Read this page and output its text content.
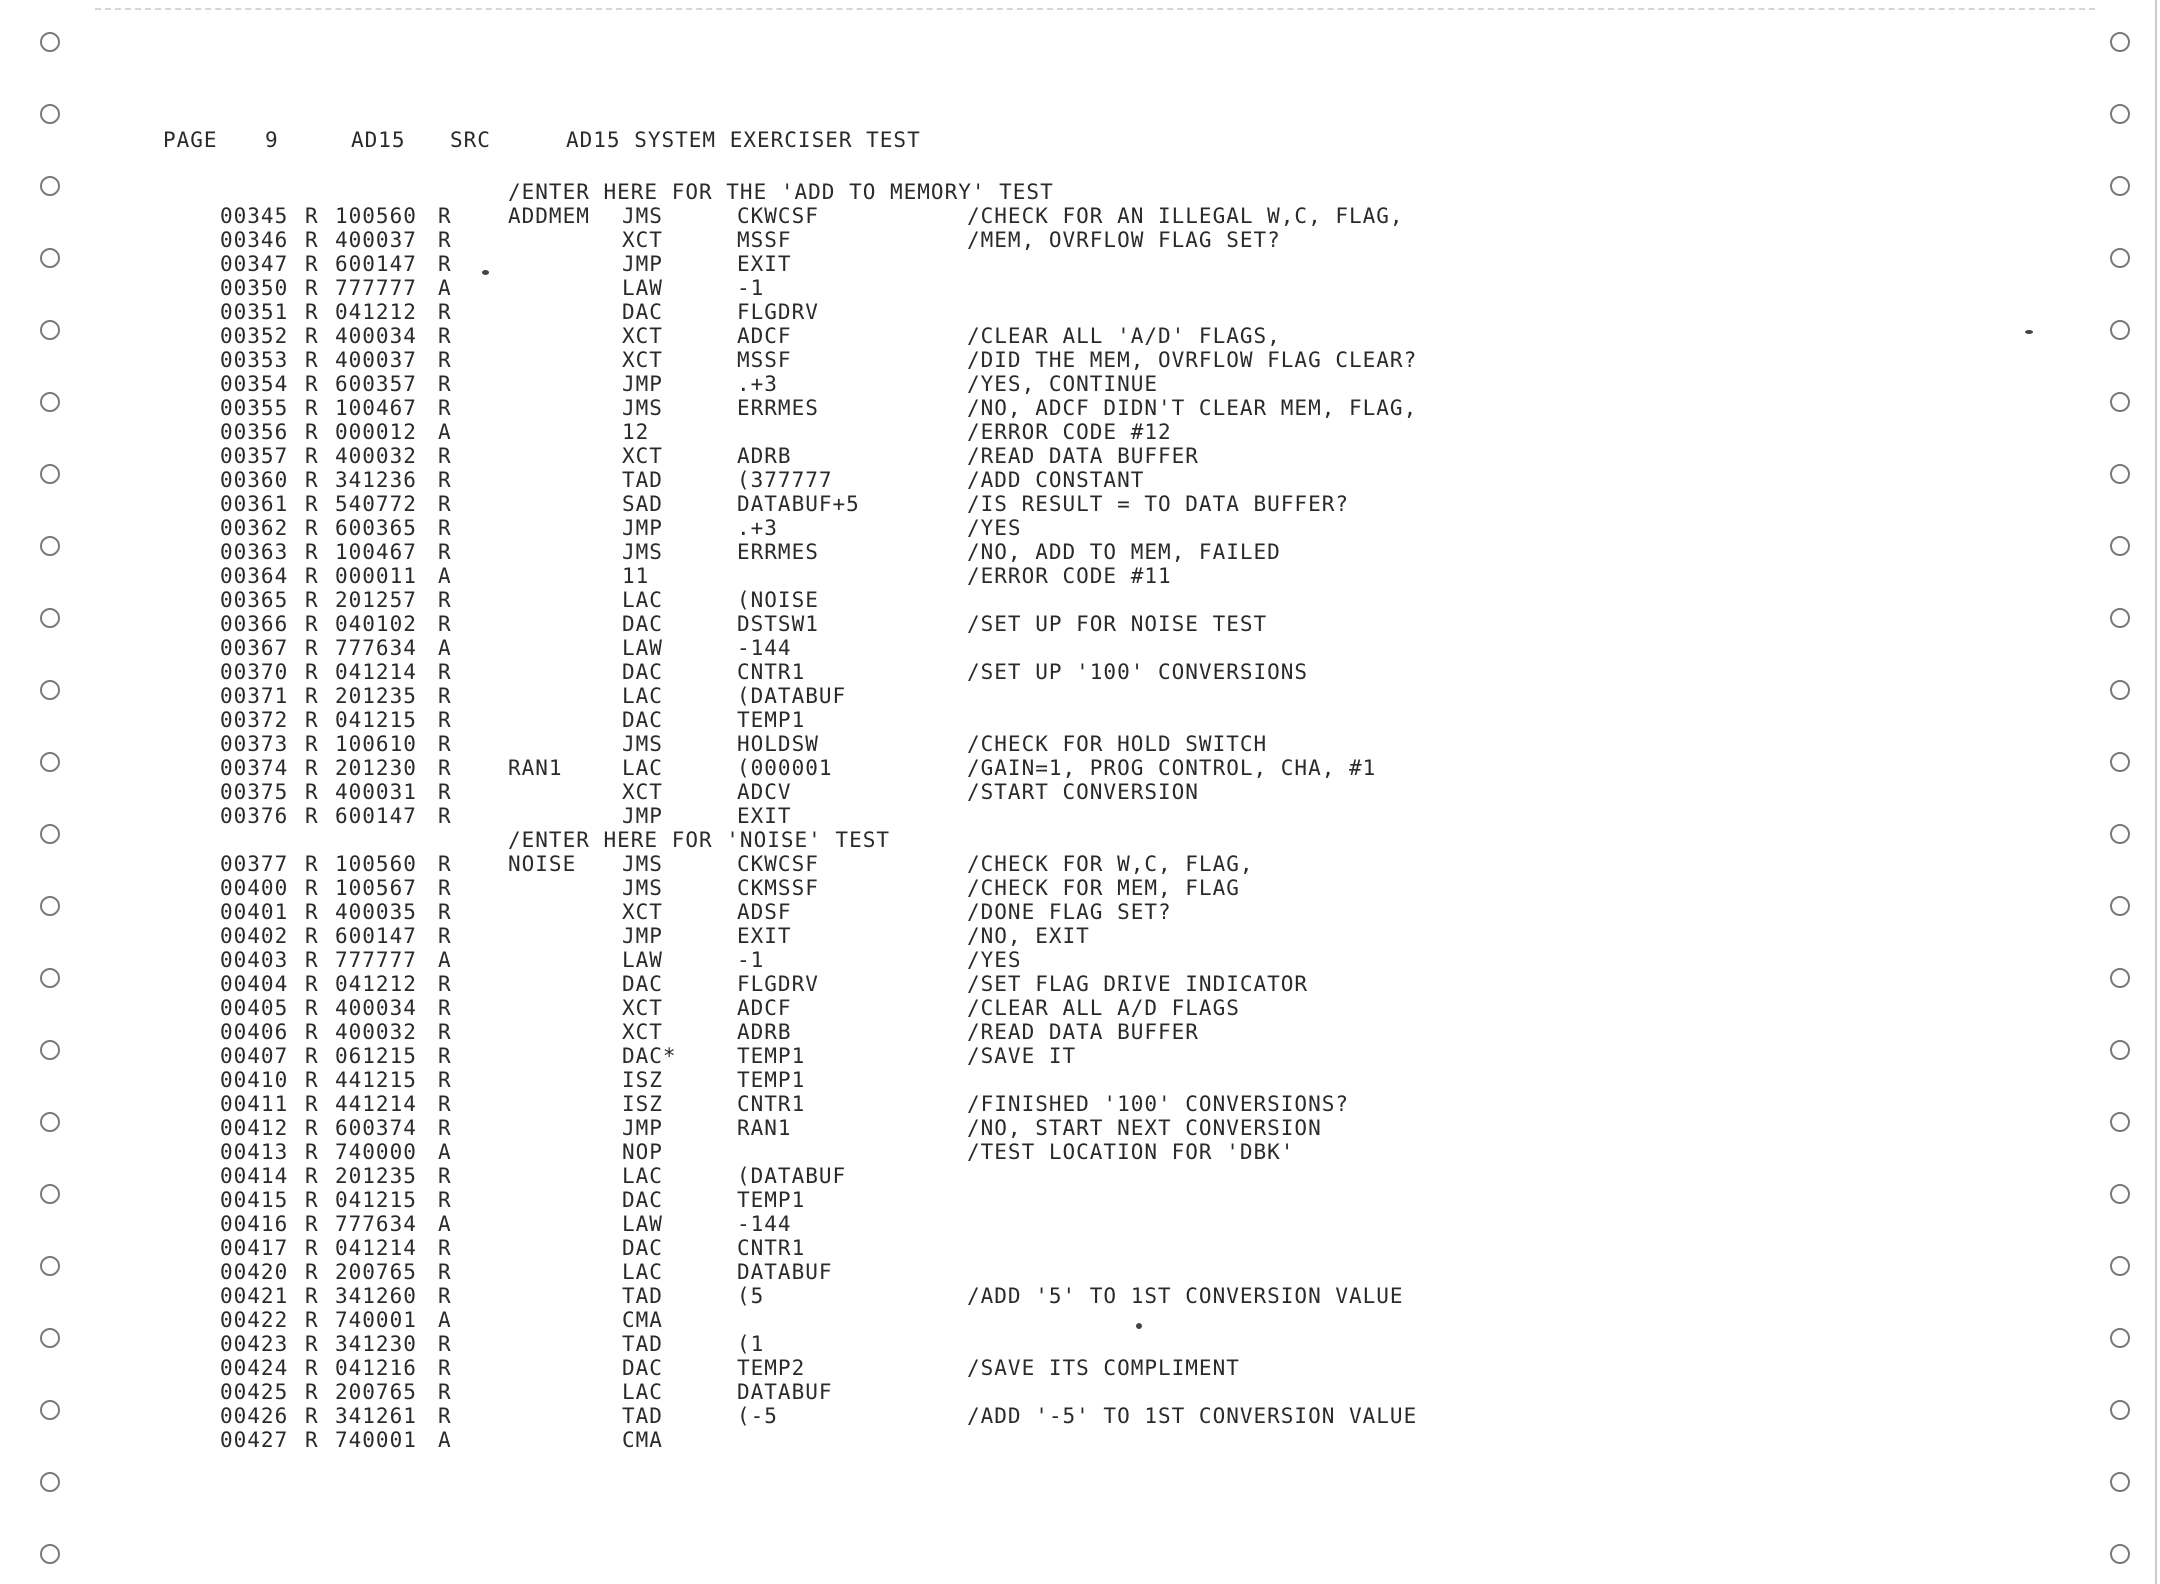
PAGE

9

	AD15

SRC

	AD15 SYSTEM EXERCISER TEST

/ENTER HERE FOR THE 'ADD TO MEMORY' TEST
00345 R 100560 R	ADDMEM JMS	CKWCSF	/CHECK FOR AN ILLEGAL W,C, FLAG,
00346 R 400037 R	XCT	MSSF	/MEM, OVRFLOW FLAG SET?
00347 R 600147 R	JMP	EXIT
00350 R 777777 A	LAW	-1
00351 R 041212 R	DAC	FLGDRV
00352 R 400034 R	XCT	ADCF	/CLEAR ALL 'A/D' FLAGS,
00353 R 400037 R	XCT	MSSF	/DID THE MEM, OVRFLOW FLAG CLEAR?
00354 R 600357 R	JMP	.+3	/YES, CONTINUE
00355 R 100467 R	JMS	ERRMES	/NO, ADCF DIDN'T CLEAR MEM, FLAG,
00356 R 000012 A	12	/ERROR CODE #12
00357 R 400032 R	XCT	ADRB	/READ DATA BUFFER
00360 R 341236 R	TAD	(377777	/ADD CONSTANT
00361 R 540772 R	SAD	DATABUF+5	/IS RESULT = TO DATA BUFFER?
00362 R 600365 R	JMP	.+3	/YES
00363 R 100467 R	JMS	ERRMES	/NO, ADD TO MEM, FAILED
00364 R 000011 A	11	/ERROR CODE #11
00365 R 201257 R	LAC	(NOISE
00366 R 040102 R	DAC	DSTSW1	/SET UP FOR NOISE TEST
00367 R 777634 A	LAW	-144
00370 R 041214 R	DAC	CNTR1	/SET UP '100' CONVERSIONS
00371 R 201235 R	LAC	(DATABUF
00372 R 041215 R	DAC	TEMP1
00373 R 100610 R	JMS	HOLDSW	/CHECK FOR HOLD SWITCH
00374 R 201230 R	RAN1	LAC	(000001	/GAIN=1, PROG CONTROL, CHA, #1
00375 R 400031 R	XCT	ADCV	/START CONVERSION
00376 R 600147 R	JMP	EXIT
/ENTER HERE FOR 'NOISE' TEST
00377 R 100560 R	NOISE JMS	CKWCSF	/CHECK FOR W,C, FLAG,
00400 R 100567 R	JMS	CKMSSF	/CHECK FOR MEM, FLAG
00401 R 400035 R	XCT	ADSF	/DONE FLAG SET?
00402 R 600147 R	JMP	EXIT	/NO, EXIT
00403 R 777777 A	LAW	-1	/YES
00404 R 041212 R	DAC	FLGDRV	/SET FLAG DRIVE INDICATOR
00405 R 400034 R	XCT	ADCF	/CLEAR ALL A/D FLAGS
00406 R 400032 R	XCT	ADRB	/READ DATA BUFFER
00407 R 061215 R	DAC*	TEMP1	/SAVE IT
00410 R 441215 R	ISZ	TEMP1
00411 R 441214 R	ISZ	CNTR1	/FINISHED '100' CONVERSIONS?
00412 R 600374 R	JMP	RAN1	/NO, START NEXT CONVERSION
00413 R 740000 A	NOP	/TEST LOCATION FOR 'DBK'
00414 R 201235 R	LAC	(DATABUF
00415 R 041215 R	DAC	TEMP1
00416 R 777634 A	LAW	-144
00417 R 041214 R	DAC	CNTR1
00420 R 200765 R	LAC	DATABUF
00421 R 341260 R	TAD	(5	/ADD '5' TO 1ST CONVERSION VALUE
00422 R 740001 A	CMA
00423 R 341230 R	TAD	(1
00424 R 041216 R	DAC	TEMP2	/SAVE ITS COMPLIMENT
00425 R 200765 R	LAC	DATABUF
00426 R 341261 R	TAD	(-5	/ADD '-5' TO 1ST CONVERSION VALUE
00427 R 740001 A	CMA
